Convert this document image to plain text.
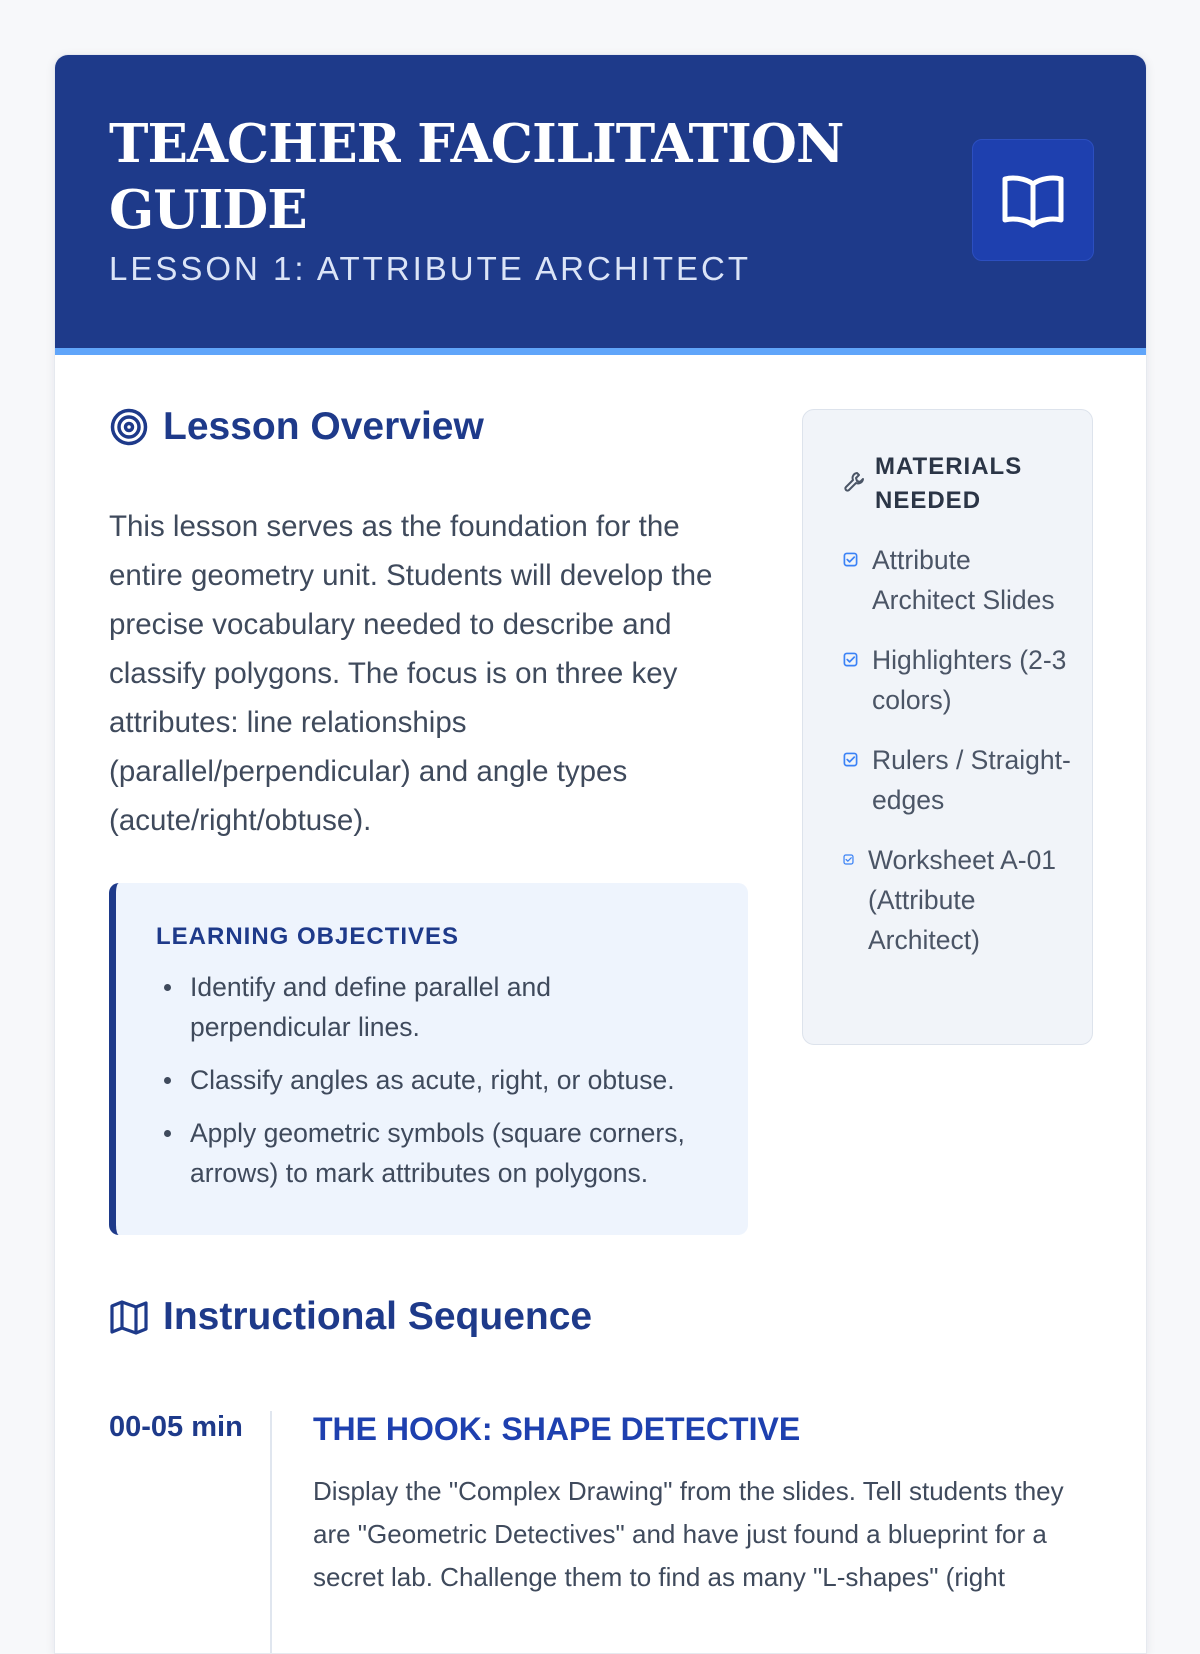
TEACHER FACILITATION GUIDE
LESSON 1: ATTRIBUTE ARCHITECT
Lesson Overview
This lesson serves as the foundation for the entire geometry unit. Students will develop the precise vocabulary needed to describe and classify polygons. The focus is on three key attributes: line relationships (parallel/perpendicular) and angle types (acute/right/obtuse).
LEARNING OBJECTIVES
Identify and define parallel and perpendicular lines.
Classify angles as acute, right, or obtuse.
Apply geometric symbols (square corners, arrows) to mark attributes on polygons.
MATERIALS NEEDED
Attribute Architect Slides
Highlighters (2-3 colors)
Rulers / Straight-edges
Worksheet A-01 (Attribute Architect)
Instructional Sequence
00-05 min THE HOOK: SHAPE DETECTIVE
Display the "Complex Drawing" from the slides. Tell students they are "Geometric Detectives" and have just found a blueprint for a secret lab. Challenge them to find as many "L-shapes" (right
